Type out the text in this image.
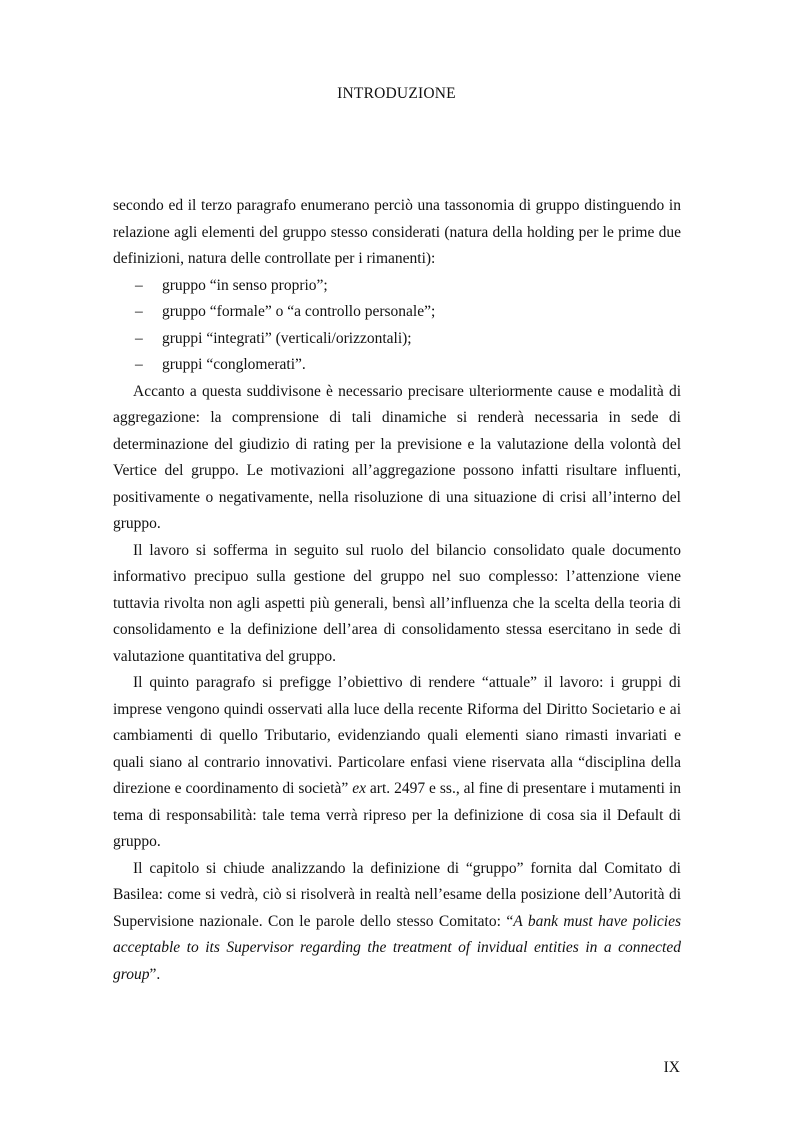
INTRODUZIONE

secondo ed il terzo paragrafo enumerano perciò una tassonomia di gruppo distinguendo in relazione agli elementi del gruppo stesso considerati (natura della holding per le prime due definizioni, natura delle controllate per i rimanenti):

– gruppo “in senso proprio”;
– gruppo “formale” o “a controllo personale”;
– gruppi “integrati” (verticali/orizzontali);
– gruppi “conglomerati”.

Accanto a questa suddivisone è necessario precisare ulteriormente cause e modalità di aggregazione: la comprensione di tali dinamiche si renderà necessaria in sede di determinazione del giudizio di rating per la previsione e la valutazione della volontà del Vertice del gruppo. Le motivazioni all’aggregazione possono infatti risultare influenti, positivamente o negativamente, nella risoluzione di una situazione di crisi all’interno del gruppo.

Il lavoro si sofferma in seguito sul ruolo del bilancio consolidato quale documento informativo precipuo sulla gestione del gruppo nel suo complesso: l’attenzione viene tuttavia rivolta non agli aspetti più generali, bensì all’influenza che la scelta della teoria di consolidamento e la definizione dell’area di consolidamento stessa esercitano in sede di valutazione quantitativa del gruppo.

Il quinto paragrafo si prefigge l’obiettivo di rendere “attuale” il lavoro: i gruppi di imprese vengono quindi osservati alla luce della recente Riforma del Diritto Societario e ai cambiamenti di quello Tributario, evidenziando quali elementi siano rimasti invariati e quali siano al contrario innovativi. Particolare enfasi viene riservata alla “disciplina della direzione e coordinamento di società” ex art. 2497 e ss., al fine di presentare i mutamenti in tema di responsabilità: tale tema verrà ripreso per la definizione di cosa sia il Default di gruppo.

Il capitolo si chiude analizzando la definizione di “gruppo” fornita dal Comitato di Basilea: come si vedrà, ciò si risolverà in realtà nell’esame della posizione dell’Autorità di Supervisione nazionale. Con le parole dello stesso Comitato: “A bank must have policies acceptable to its Supervisor regarding the treatment of invidual entities in a connected group”.

IX
